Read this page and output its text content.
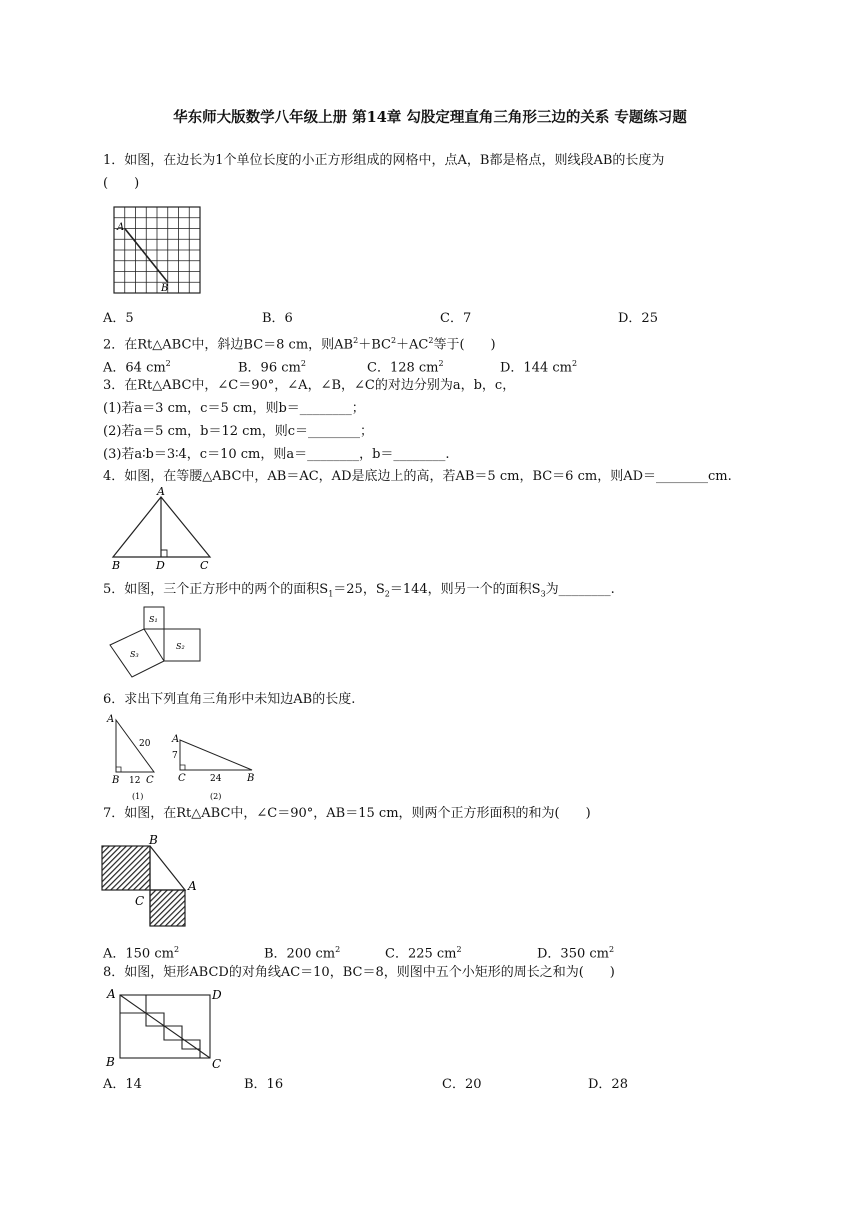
华东师大版数学八年级上册 第14章 勾股定理直角三角形三边的关系 专题练习题
1．如图，在边长为1个单位长度的小正方形组成的网格中，点A，B都是格点，则线段AB的长度为
(　　)
A
B
A．5	B．6	C．7	D．25
2．在Rt△ABC中，斜边BC＝8 cm，则$AB^2+BC^2+AC^2$等于(　　)
A．64 $cm^2$	B．96 $cm^2$	C．128 $cm^2$	D．144 $cm^2$
3．在Rt△ABC中，∠C＝90°，∠A，∠B，∠C的对边分别为a，b，c，
(1)若a＝3 cm，c＝5 cm，则b＝________；
(2)若a＝5 cm，b＝12 cm，则c＝________；
(3)若a∶b＝3∶4，c＝10 cm，则a＝________，b＝________.
4．如图，在等腰△ABC中，AB＝AC，AD是底边上的高，若AB＝5 cm，BC＝6 cm，则AD＝________cm.
A
B	D	C
5．如图，三个正方形中的两个的面积$S_1=25$，$S_2=144$，则另一个的面积$S_3$为________.
S₁
S₂
S₃
6．求出下列直角三角形中未知边AB的长度.
A
20
B 12 C
(1)
A
7
C	24	B
(2)
7．如图，在Rt△ABC中，∠C＝90°，AB＝15 cm，则两个正方形面积的和为(　　)
B
A
C
A．150 $cm^2$	B．200 $cm^2$	C．225 $cm^2$	D．350 $cm^2$
8．如图，矩形ABCD的对角线AC＝10，BC＝8，则图中五个小矩形的周长之和为(　　)
A	D
B	C
A．14	B．16	C．20	D．28
